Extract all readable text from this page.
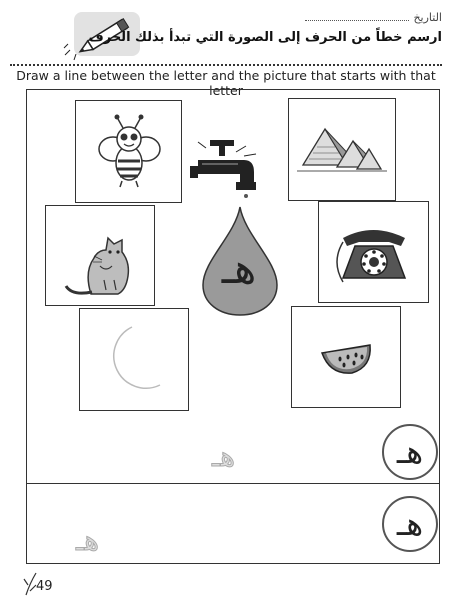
التاريخ
ارسم خطاً من الحرف إلى الصورة التي تبدأ بذلك الحرف
Draw a line between the letter and the picture that starts with that letter
هـ
هـ
هـ
هـ
هـ
49
